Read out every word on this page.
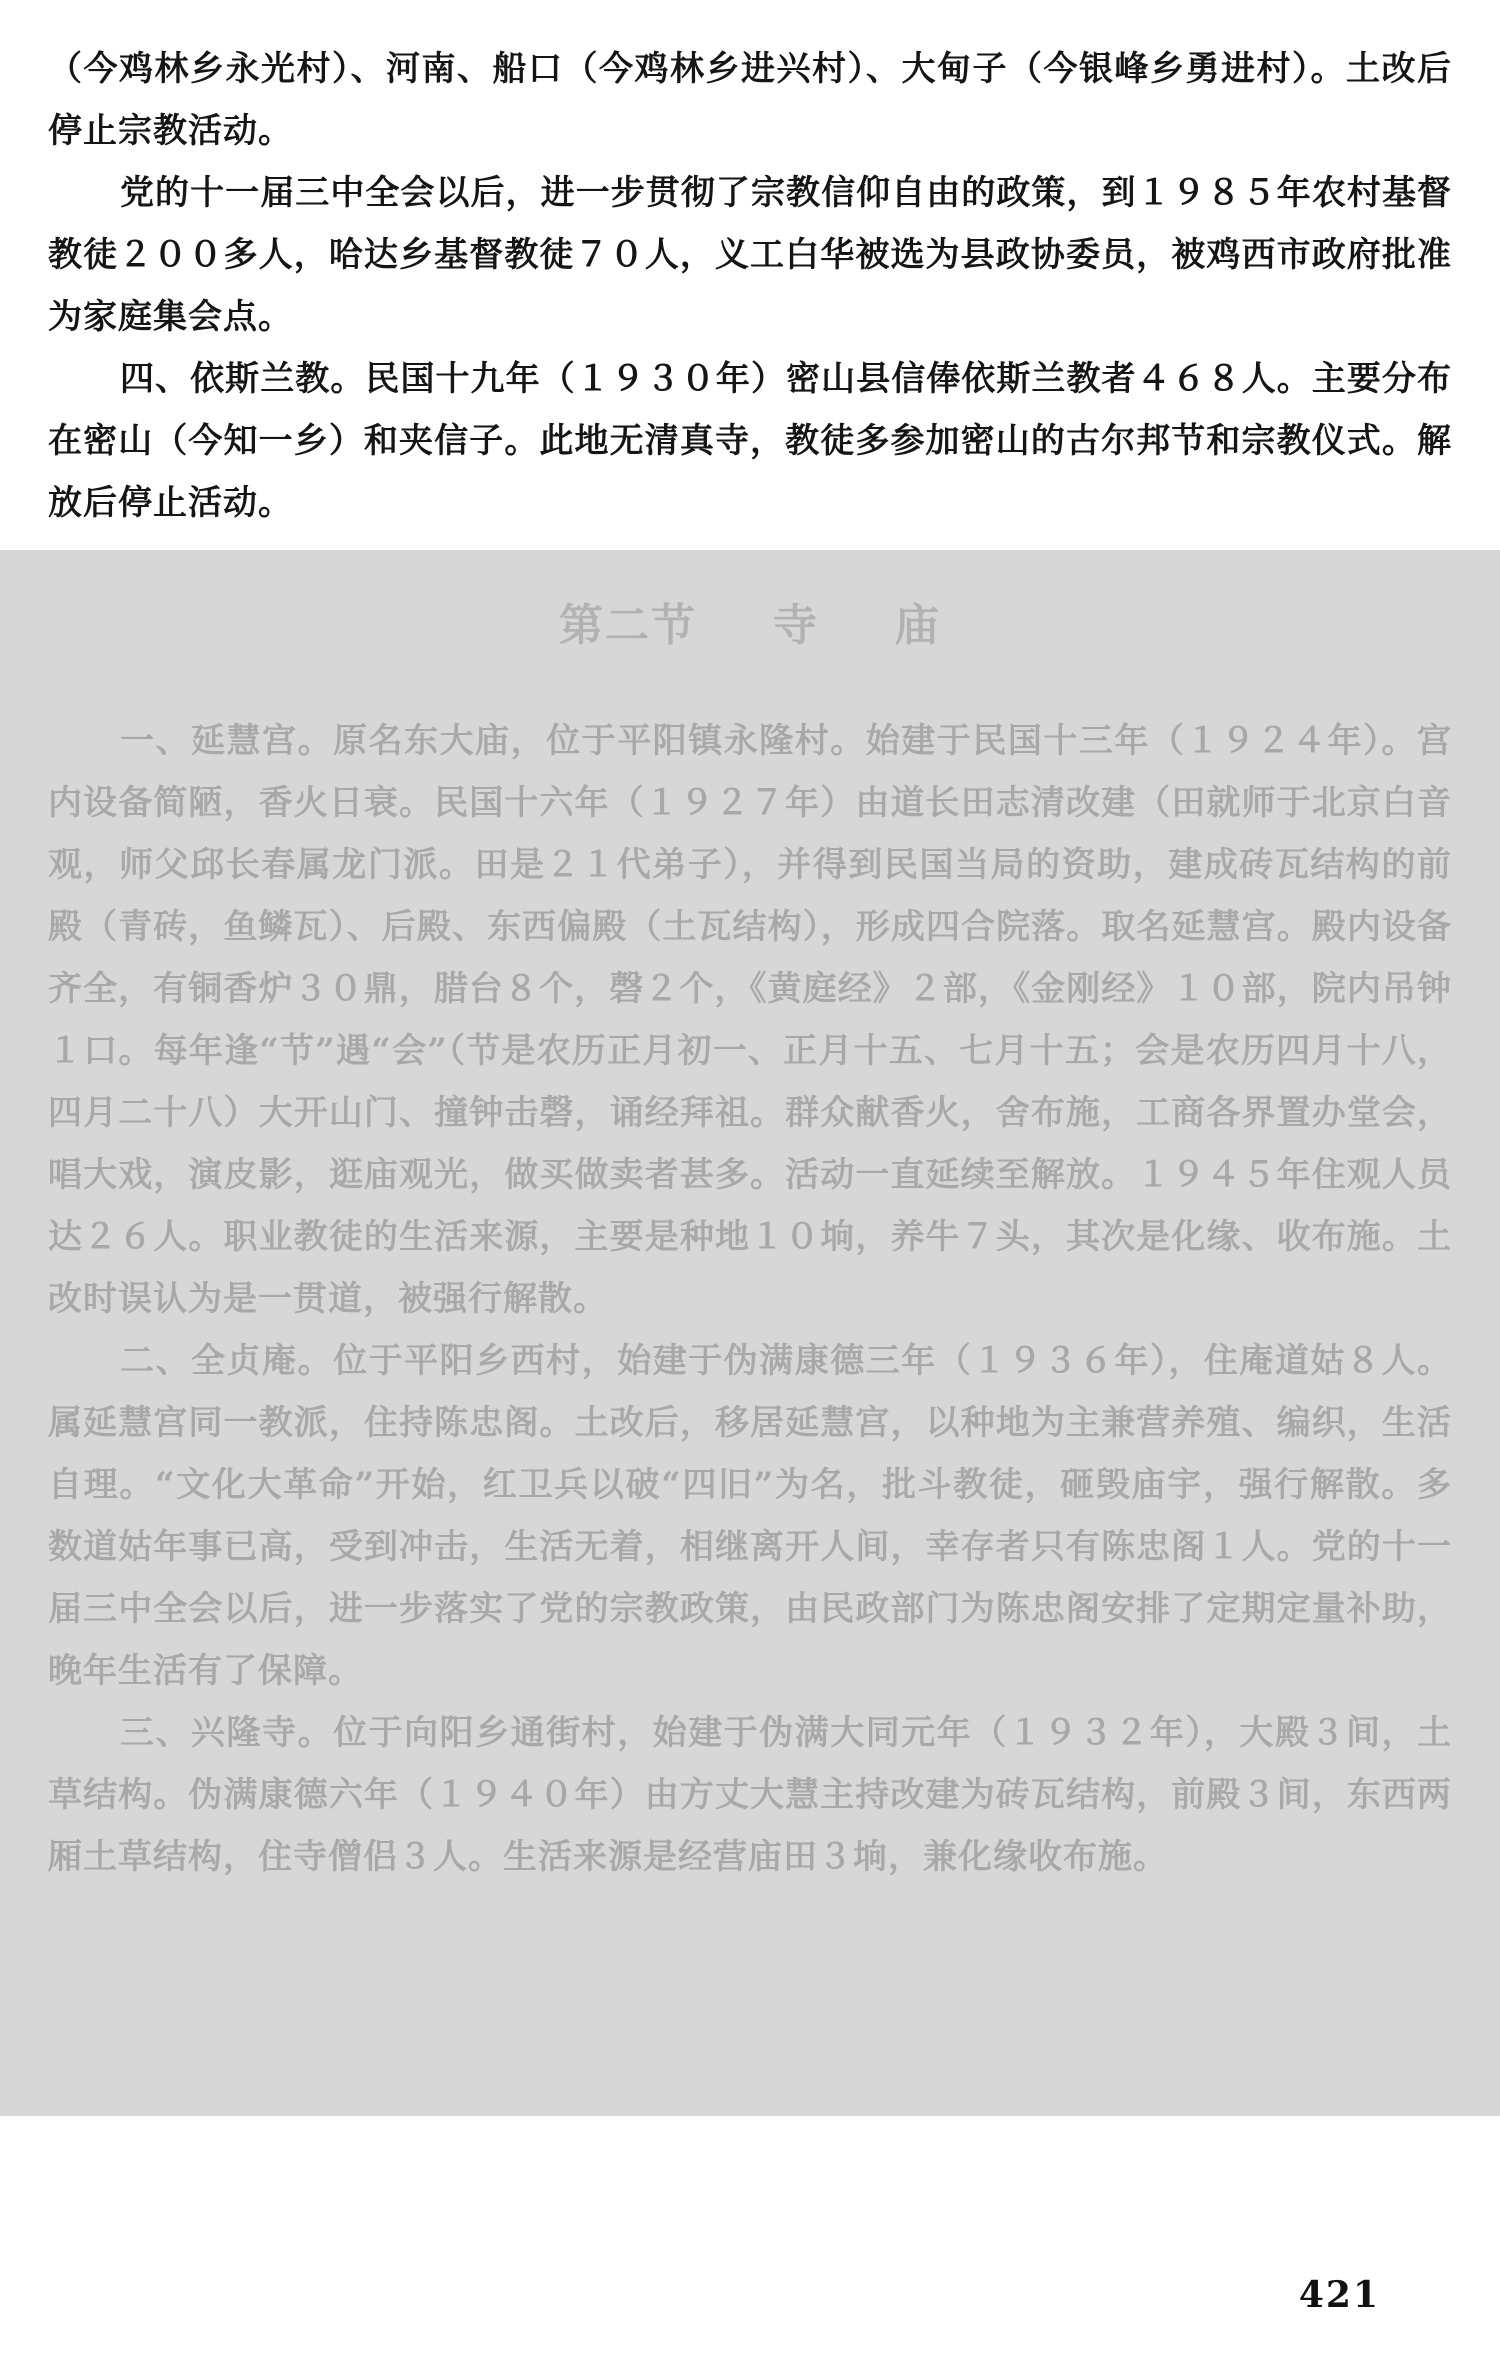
（今鸡林乡永光村）、河南、船口（今鸡林乡进兴村）、大甸子（今银峰乡勇进村）。土改后停止宗教活动。

党的十一届三中全会以后，进一步贯彻了宗教信仰自由的政策，到１９８５年农村基督教徒２００多人，哈达乡基督教徒７０人，义工白华被选为县政协委员，被鸡西市政府批准为家庭集会点。

四、依斯兰教。民国十九年（１９３０年）密山县信俸依斯兰教者４６８人。主要分布在密山（今知一乡）和夹信子。此地无清真寺，教徒多参加密山的古尔邦节和宗教仪式。解放后停止活动。

第二节 寺 庙

一、延慧宫。原名东大庙，位于平阳镇永隆村。始建于民国十三年（１９２４年）。宫内设备简陋，香火日衰。民国十六年（１９２７年）由道长田志清改建（田就师于北京白音观，师父邱长春属龙门派。田是２１代弟子），并得到民国当局的资助，建成砖瓦结构的前殿（青砖，鱼鳞瓦）、后殿、东西偏殿（土瓦结构），形成四合院落。取名延慧宫。殿内设备齐全，有铜香炉３０鼎，腊台８个，磬２个，《黄庭经》２部，《金刚经》１０部，院内吊钟１口。每年逢“节”遇“会”（节是农历正月初一、正月十五、七月十五；会是农历四月十八，四月二十八）大开山门、撞钟击磬，诵经拜祖。群众献香火，舍布施，工商各界置办堂会，唱大戏，演皮影，逛庙观光，做买做卖者甚多。活动一直延续至解放。１９４５年住观人员达２６人。职业教徒的生活来源，主要是种地１０垧，养牛７头，其次是化缘、收布施。土改时误认为是一贯道，被强行解散。

二、全贞庵。位于平阳乡西村，始建于伪满康德三年（１９３６年），住庵道姑８人。属延慧宫同一教派，住持陈忠阁。土改后，移居延慧宫，以种地为主兼营养殖、编织，生活自理。“文化大革命”开始，红卫兵以破“四旧”为名，批斗教徒，砸毁庙宇，强行解散。多数道姑年事已高，受到冲击，生活无着，相继离开人间，幸存者只有陈忠阁１人。党的十一届三中全会以后，进一步落实了党的宗教政策，由民政部门为陈忠阁安排了定期定量补助，晚年生活有了保障。

三、兴隆寺。位于向阳乡通街村，始建于伪满大同元年（１９３２年），大殿３间，土草结构。伪满康德六年（１９４０年）由方丈大慧主持改建为砖瓦结构，前殿３间，东西两厢土草结构，住寺僧侣３人。生活来源是经营庙田３垧，兼化缘收布施。

421
